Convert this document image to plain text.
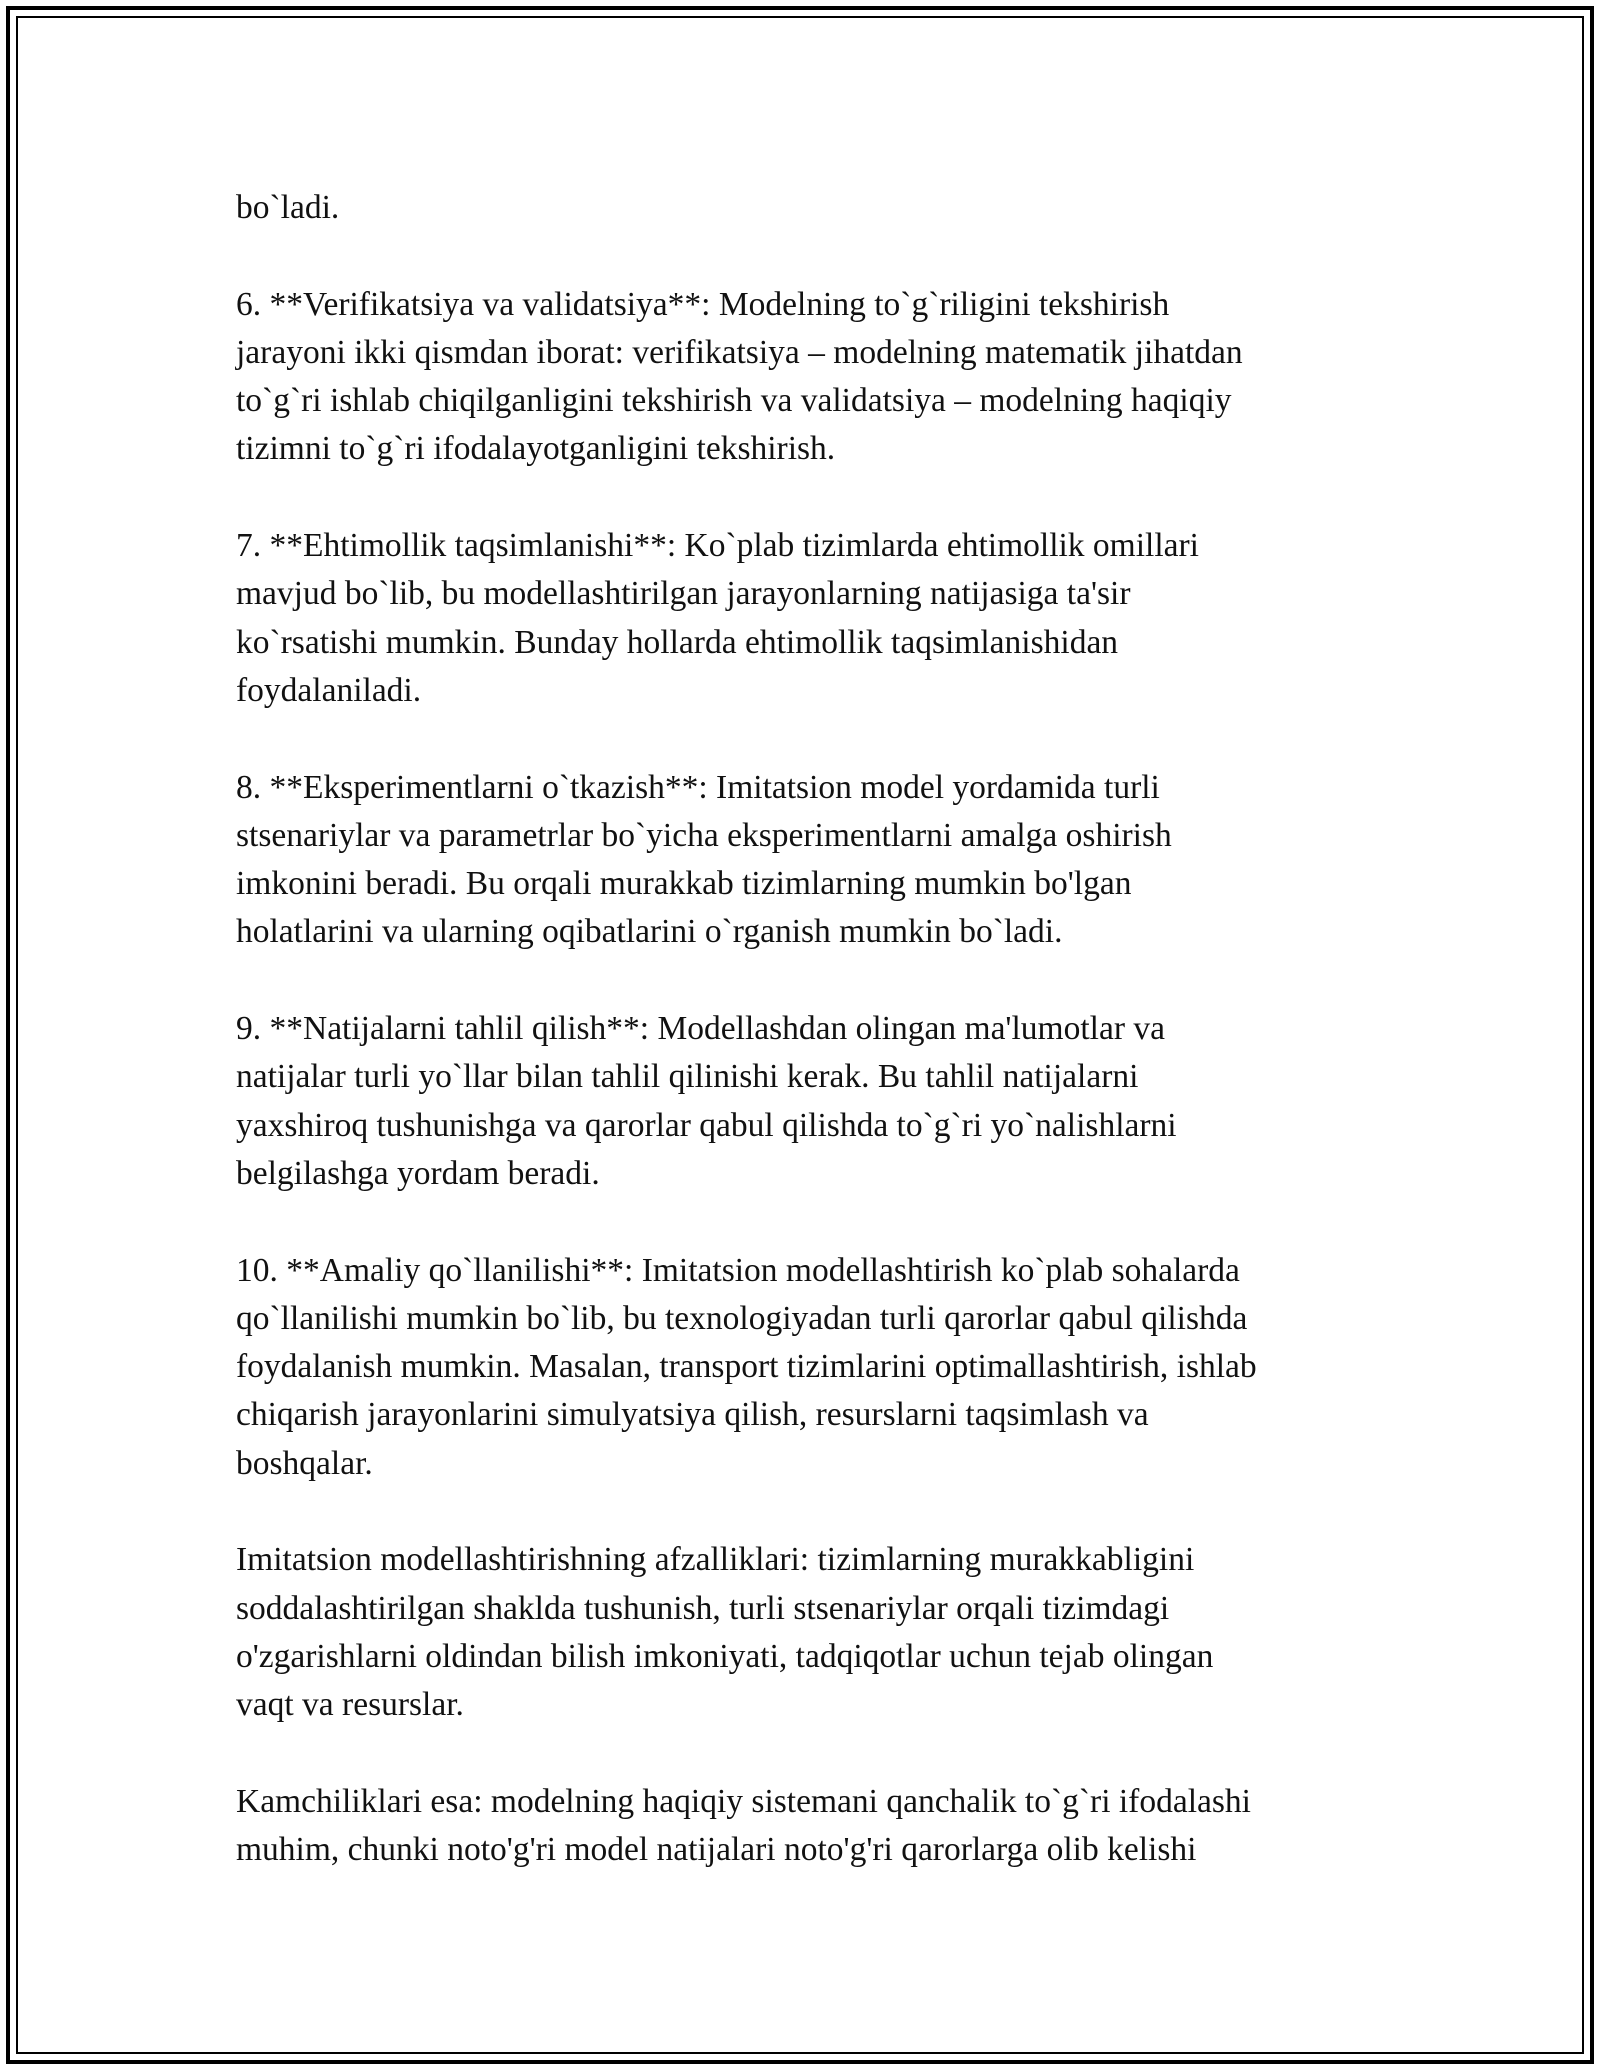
bo`ladi.
6. **Verifikatsiya va validatsiya**: Modelning to`g`riligini tekshirish
jarayoni ikki qismdan iborat: verifikatsiya – modelning matematik jihatdan
to`g`ri ishlab chiqilganligini tekshirish va validatsiya – modelning haqiqiy
tizimni to`g`ri ifodalayotganligini tekshirish.
7. **Ehtimollik taqsimlanishi**: Ko`plab tizimlarda ehtimollik omillari
mavjud bo`lib, bu modellashtirilgan jarayonlarning natijasiga ta'sir
ko`rsatishi mumkin. Bunday hollarda ehtimollik taqsimlanishidan
foydalaniladi.
8. **Eksperimentlarni o`tkazish**: Imitatsion model yordamida turli
stsenariylar va parametrlar bo`yicha eksperimentlarni amalga oshirish
imkonini beradi. Bu orqali murakkab tizimlarning mumkin bo'lgan
holatlarini va ularning oqibatlarini o`rganish mumkin bo`ladi.
9. **Natijalarni tahlil qilish**: Modellashdan olingan ma'lumotlar va
natijalar turli yo`llar bilan tahlil qilinishi kerak. Bu tahlil natijalarni
yaxshiroq tushunishga va qarorlar qabul qilishda to`g`ri yo`nalishlarni
belgilashga yordam beradi.
10. **Amaliy qo`llanilishi**: Imitatsion modellashtirish ko`plab sohalarda
qo`llanilishi mumkin bo`lib, bu texnologiyadan turli qarorlar qabul qilishda
foydalanish mumkin. Masalan, transport tizimlarini optimallashtirish, ishlab
chiqarish jarayonlarini simulyatsiya qilish, resurslarni taqsimlash va
boshqalar.
Imitatsion modellashtirishning afzalliklari: tizimlarning murakkabligini
soddalashtirilgan shaklda tushunish, turli stsenariylar orqali tizimdagi
o'zgarishlarni oldindan bilish imkoniyati, tadqiqotlar uchun tejab olingan
vaqt va resurslar.
Kamchiliklari esa: modelning haqiqiy sistemani qanchalik to`g`ri ifodalashi
muhim, chunki noto'g'ri model natijalari noto'g'ri qarorlarga olib kelishi
